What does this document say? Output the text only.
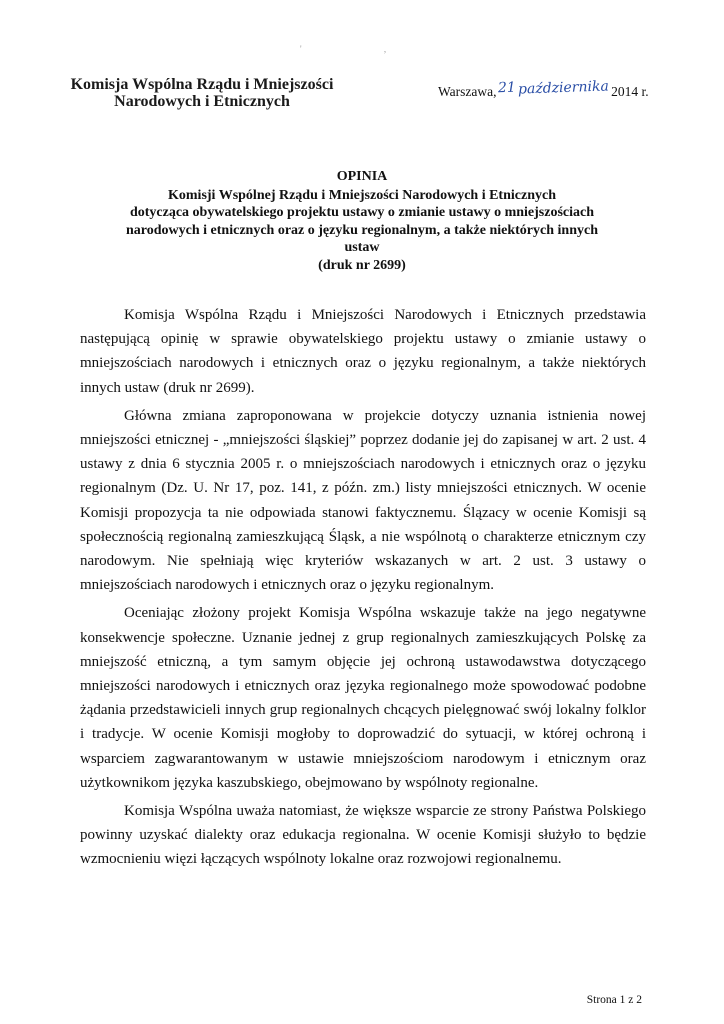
' ,
Komisja Wspólna Rządu i Mniejszości
Narodowych i Etnicznych
Warszawa,21 października 2014 r.
OPINIA
Komisji Wspólnej Rządu i Mniejszości Narodowych i Etnicznych
dotycząca obywatelskiego projektu ustawy o zmianie ustawy o mniejszościach
narodowych i etnicznych oraz o języku regionalnym, a także niektórych innych ustaw
(druk nr 2699)

Komisja Wspólna Rządu i Mniejszości Narodowych i Etnicznych przedstawia następującą opinię w sprawie obywatelskiego projektu ustawy o zmianie ustawy o mniejszościach narodowych i etnicznych oraz o języku regionalnym, a także niektórych innych ustaw (druk nr 2699).

Główna zmiana zaproponowana w projekcie dotyczy uznania istnienia nowej mniejszości etnicznej - „mniejszości śląskiej” poprzez dodanie jej do zapisanej w art. 2 ust. 4 ustawy z dnia 6 stycznia 2005 r. o mniejszościach narodowych i etnicznych oraz o języku regionalnym (Dz. U. Nr 17, poz. 141, z późn. zm.) listy mniejszości etnicznych. W ocenie Komisji propozycja ta nie odpowiada stanowi faktycznemu. Ślązacy w ocenie Komisji są społecznością regionalną zamieszkującą Śląsk, a nie wspólnotą o charakterze etnicznym czy narodowym. Nie spełniają więc kryteriów wskazanych w art. 2 ust. 3 ustawy o mniejszościach narodowych i etnicznych oraz o języku regionalnym.

Oceniając złożony projekt Komisja Wspólna wskazuje także na jego negatywne konsekwencje społeczne. Uznanie jednej z grup regionalnych zamieszkujących Polskę za mniejszość etniczną, a tym samym objęcie jej ochroną ustawodawstwa dotyczącego mniejszości narodowych i etnicznych oraz języka regionalnego może spowodować podobne żądania przedstawicieli innych grup regionalnych chcących pielęgnować swój lokalny folklor i tradycje. W ocenie Komisji mogłoby to doprowadzić do sytuacji, w której ochroną i wsparciem zagwarantowanym w ustawie mniejszościom narodowym i etnicznym oraz użytkownikom języka kaszubskiego, obejmowano by wspólnoty regionalne.

Komisja Wspólna uważa natomiast, że większe wsparcie ze strony Państwa Polskiego powinny uzyskać dialekty oraz edukacja regionalna. W ocenie Komisji służyło to będzie wzmocnieniu więzi łączących wspólnoty lokalne oraz rozwojowi regionalnemu.

Strona 1 z 2
